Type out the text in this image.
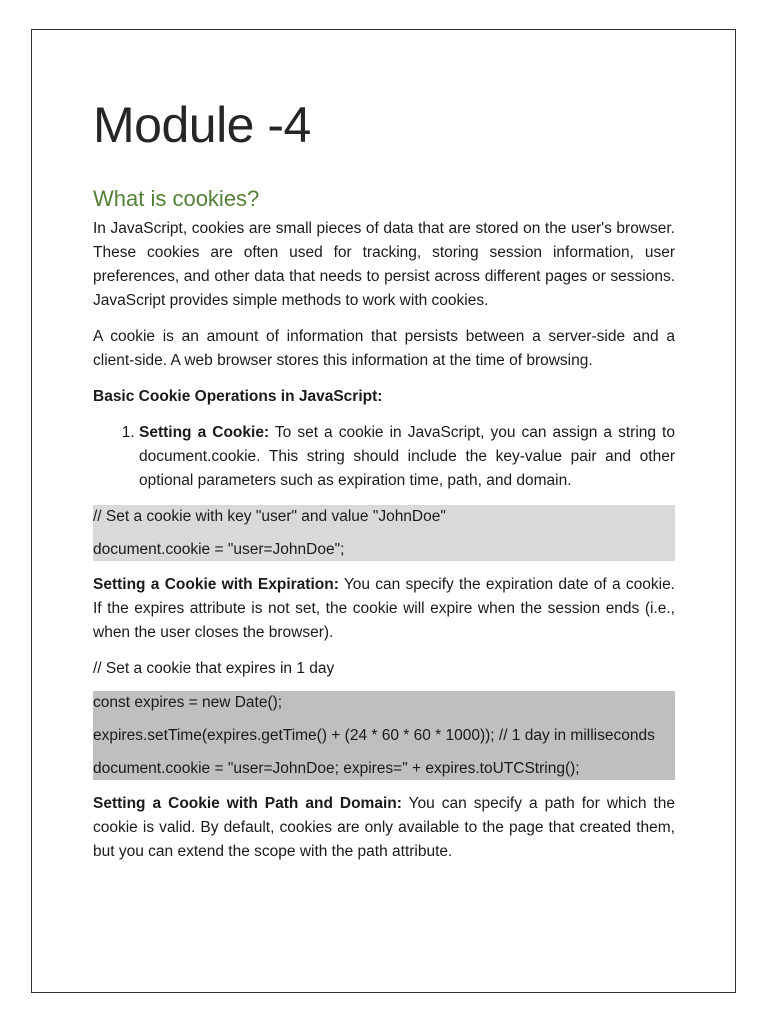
Module -4
What is cookies?

In JavaScript, cookies are small pieces of data that are stored on the user's browser. These cookies are often used for tracking, storing session information, user preferences, and other data that needs to persist across different pages or sessions. JavaScript provides simple methods to work with cookies.

A cookie is an amount of information that persists between a server-side and a client-side. A web browser stores this information at the time of browsing.

Basic Cookie Operations in JavaScript:

1. Setting a Cookie: To set a cookie in JavaScript, you can assign a string to document.cookie. This string should include the key-value pair and other optional parameters such as expiration time, path, and domain.

// Set a cookie with key "user" and value "JohnDoe"

document.cookie = "user=JohnDoe";

Setting a Cookie with Expiration: You can specify the expiration date of a cookie. If the expires attribute is not set, the cookie will expire when the session ends (i.e., when the user closes the browser).

// Set a cookie that expires in 1 day

const expires = new Date();

expires.setTime(expires.getTime() + (24 * 60 * 60 * 1000)); // 1 day in milliseconds

document.cookie = "user=JohnDoe; expires=" + expires.toUTCString();

Setting a Cookie with Path and Domain: You can specify a path for which the cookie is valid. By default, cookies are only available to the page that created them, but you can extend the scope with the path attribute.
